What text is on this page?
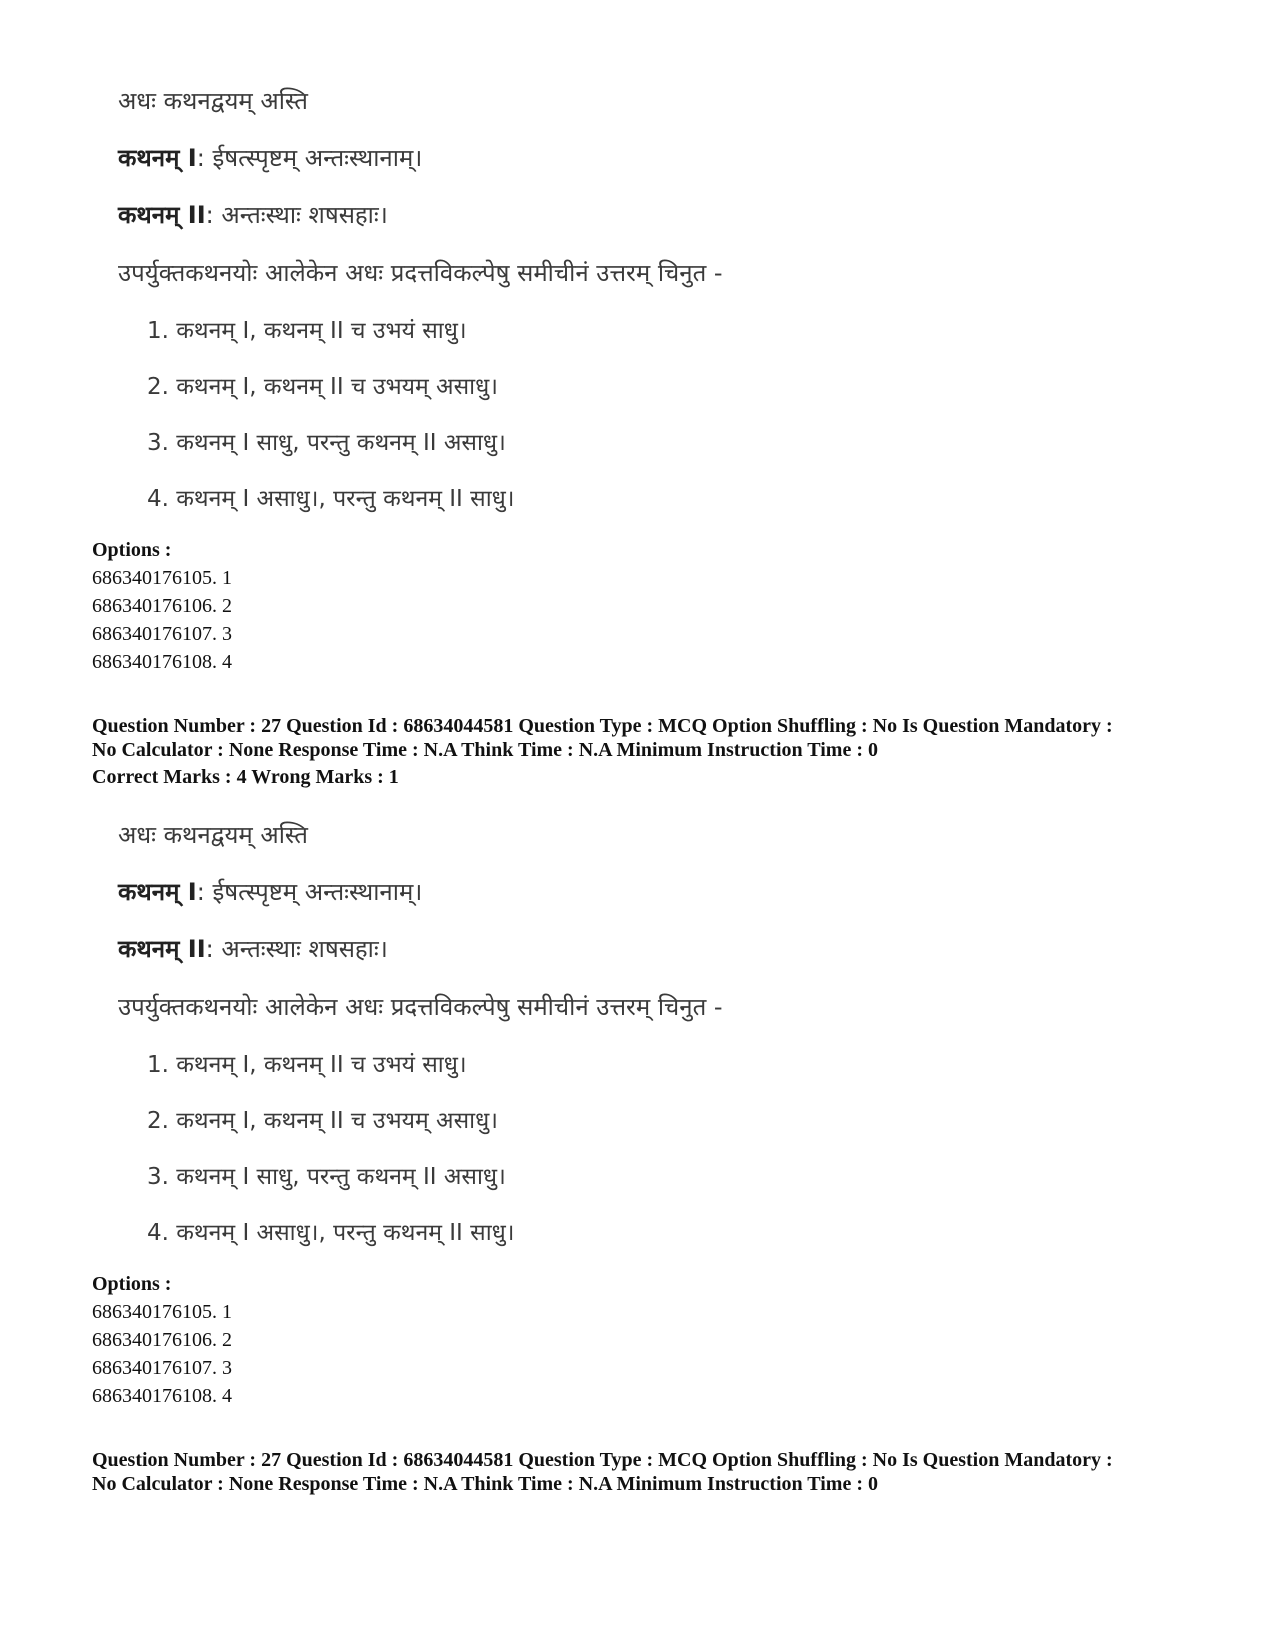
अधः कथनद्वयम् अस्ति
कथनम् I: ईषत्स्पृष्टम् अन्तःस्थानाम्।
कथनम् II: अन्तःस्थाः शषसहाः।
उपर्युक्तकथनयोः आलेकेन अधः प्रदत्तविकल्पेषु समीचीनं उत्तरम् चिनुत -
1. कथनम् I, कथनम् II च उभयं साधु।
2. कथनम् I, कथनम् II च उभयम् असाधु।
3. कथनम् I साधु, परन्तु कथनम् II असाधु।
4. कथनम् I असाधु।, परन्तु कथनम् II साधु।
Options :
686340176105. 1
686340176106. 2
686340176107. 3
686340176108. 4
Question Number : 27 Question Id : 68634044581 Question Type : MCQ Option Shuffling : No Is Question Mandatory :
No Calculator : None Response Time : N.A Think Time : N.A Minimum Instruction Time : 0
Correct Marks : 4 Wrong Marks : 1
अधः कथनद्वयम् अस्ति
कथनम् I: ईषत्स्पृष्टम् अन्तःस्थानाम्।
कथनम् II: अन्तःस्थाः शषसहाः।
उपर्युक्तकथनयोः आलेकेन अधः प्रदत्तविकल्पेषु समीचीनं उत्तरम् चिनुत -
1. कथनम् I, कथनम् II च उभयं साधु।
2. कथनम् I, कथनम् II च उभयम् असाधु।
3. कथनम् I साधु, परन्तु कथनम् II असाधु।
4. कथनम् I असाधु।, परन्तु कथनम् II साधु।
Options :
686340176105. 1
686340176106. 2
686340176107. 3
686340176108. 4
Question Number : 27 Question Id : 68634044581 Question Type : MCQ Option Shuffling : No Is Question Mandatory :
No Calculator : None Response Time : N.A Think Time : N.A Minimum Instruction Time : 0
